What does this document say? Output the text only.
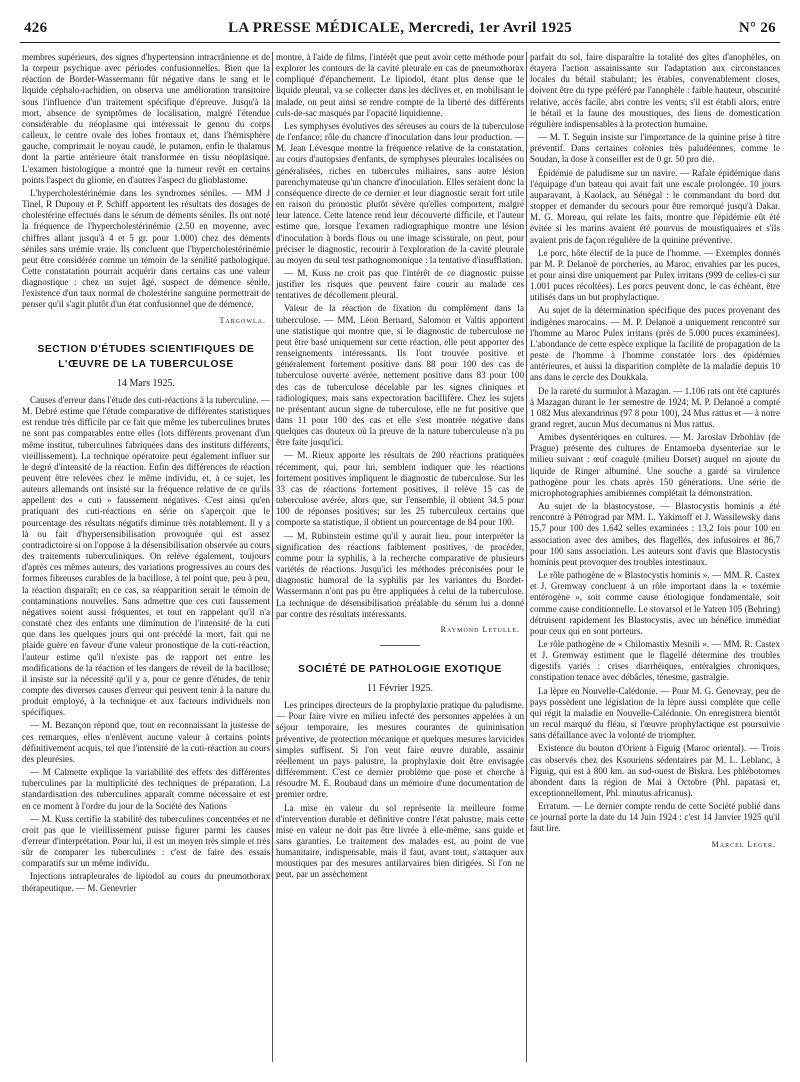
426	LA PRESSE MÉDICALE, Mercredi, 1er Avril 1925	N° 26

membres supérieurs, des signes d'hypertension intracrânienne et de la torpeur psychique avec périodes confusionnelles. Bien que la réaction de Bordet-Wassermann fût négative dans le sang et le liquide céphalo-rachidien, on observa une amélioration transitoire sous l'influence d'un traitement spécifique d'épreuve. Jusqu'à la mort, absence de symptômes de localisation, malgré l'étendue considérable du néoplasme qui intéressait le genou du corps calleux, le centre ovale des lobes frontaux et, dans l'hémisphère gauche, comprimait le noyau caudé, le putamen, enfin le thalamus dont la partie antérieure était transformée en tissu néoplasique. L'examen histologique a montré que la tumeur revêt en certains points l'aspect du gliome, en d'autres l'aspect du glioblastome.

L'hypercholestérinémie dans les syndromes séniles. — MM J Tinel, R Dupouy et P. Schiff apportent les résultats des dosages de cholestérine effectués dans le sérum de déments séniles. Ils ont noté la fréquence de l'hypercholestérinémie (2.50 en moyenne, avec chiffres allant jusqu'à 4 et 5 gr. pour 1.000) chez des déments séniles sans urémie vraie. Ils concluent que l'hypercholestérinémie peut être considérée comme un témoin de la sénilité pathologique. Cette constatation pourrait acquérir dans certains cas une valeur diagnostique : chez un sujet âgé, suspect de démence sénile, l'existence d'un taux normal de cholestérine sanguine permettrait de penser qu'il s'agit plutôt d'un état confusionnel que de démence.

Targowla.
SECTION D'ÉTUDES SCIENTIFIQUES DE L'ŒUVRE DE LA TUBERCULOSE
14 Mars 1925.

Causes d'erreur dans l'étude des cuti-réactions à la tuberculine. — M. Debré estime que l'étude comparative de différentes statistiques est rendue très difficile par ce fait que même les tuberculines brutes ne sont pas comparables entre elles (lots différents provenant d'un même institut, tuberculines fabriquées dans des instituts différents, vieillissement). La technique opératoire peut également influer sur le degré d'intensité de la réaction. Enfin des différences de réaction peuvent être relevées chez le même individu, et, à ce sujet, les auteurs allemands ont insisté sur la fréquence relative de ce qu'ils appellent des « cuti » faussement négatives. C'est ainsi qu'en pratiquant des cuti-réactions en série on s'aperçoit que le pourcentage des résultats négatifs diminue très notablement. Il y a là ou fait d'hypersensibilisation provoquée qui est assez contradictoire si on l'oppose à la désensibilisation observée au cours des traitements tuberculiniques. On relève également, toujours d'après ces mêmes auteurs, des variations progressives au cours des formes fibreuses curables de la bacillose, à tel point que, peu à peu, la réaction disparaît; en ce cas, sa réapparition serait le témoin de contaminations nouvelles. Sans admettre que ces cuti faussement négatives soient aussi fréquentes, et tout en rappelant qu'il n'a constaté chez des enfants une diminution de l'intensité de la cuti que dans les quelques jours qui ont précédé la mort, fait qui ne plaide guère en faveur d'une valeur pronostique de la cuti-réaction, l'auteur estime qu'il n'existe pas de rapport net entre les modifications de la réaction et les dangers de réveil de la bacillose; il insiste sur la nécessité qu'il y a, pour ce genre d'études, de tenir compte des diverses causes d'erreur qui peuvent tenir à la nature du produit employé, à la technique et aux facteurs individuels non spécifiques.

— M. Bezançon répond que, tout en reconnaissant la justesse de ces remarques, elles n'enlèvent aucune valeur à certains points définitivement acquis, tel que l'intensité de la cuti-réaction au cours des pleurésies.

— M Calmette explique la variabilité des effets des différentes tuberculines par la multiplicité des techniques de préparation. La standardisation des tuberculines apparaît comme nécessaire et est en ce moment à l'ordre du jour de la Société des Nations

— M. Kuss certifie la stabilité des tuberculines concentrées et ne croit pas que le vieillissement puisse figurer parmi les causes d'erreur d'interprétation. Pour lui, il est un moyen très simple et très sûr de comparer les tuberculines : c'est de faire des essais comparatifs sur un même individu.

Injections intrapleurales de lipiodol au cours du pneumothorax thérapeutique. — M. Genevrier

montre, à l'aide de films, l'intérêt que peut avoir cette méthode pour explorer les contours de la cavité pleurale en cas de pneumothorax compliqué d'épanchement. Le lipiodol, étant plus dense que le liquide pleural, va se collecter dans les déclives et, en mobilisant le malade, on peut ainsi se rendre compte de la liberté des différents culs-de-sac masqués par l'opacité liquidienne.

Les symphyses évolutives des séreuses au cours de la tuberculose de l'enfance; rôle du chancre d'inoculation dans leur production. — M. Jean Lévesque montre la fréquence relative de la constatation, au cours d'autopsies d'enfants, de symphyses pleurales localisées ou généralisées, riches en tubercules miliaires, sans autre lésion parenchymateuse qu'un chancre d'inoculation. Elles seraient donc la conséquence directe de ce dernier et leur diagnostic serait fort utile en raison du pronostic plutôt sévère qu'elles comportent, malgré leur latence. Cette latence rend leur découverte difficile, et l'auteur estime que, lorsque l'examen radiographique montre une lésion d'inoculation à bords flous ou une image scissurale, on peut, pour préciser le diagnostic, recourir à l'exploration de la cavité pleurale au moyen du seul test pathognomonique : la tentative d'insufflation.

— M. Kuss ne croit pas que l'intérêt de ce diagnostic puisse justifier les risques que peuvent faire courir au malade ces tentatives de décollement pleural.

Valeur de la réaction de fixation du complément dans la tuberculose. — MM. Léon Bernard, Salomon et Valtis apportent une statistique qui montre que, si le diagnostic de tuberculose ne peut être basé uniquement sur cette réaction, elle peut apporter des renseignements intéressants. Ils l'ont trouvée positive et généralement fortement positive dans 88 pour 100 des cas de tuberculose ouverte avérée, nettement positive dans 83 pour 100 des cas de tuberculose décelable par les signes cliniques et radiologiques, mais sans expectoration bacillifère. Chez les sujets ne présentant aucun signe de tuberculose, elle ne fut positive que dans 11 pour 100 des cas et elle s'est montrée négative dans quelques cas douteux où la preuve de la nature tuberculeuse n'a pu être faite jusqu'ici.

— M. Rieux apporte les résultats de 200 réactions pratiquées récemment, qui, pour lui, semblent indiquer que les réactions fortement positives impliquent le diagnostic de tuberculose. Sur les 33 cas de réactions fortement positives, il relève 15 cas de tuberculose avérée, alors que, sur l'ensemble, il obtient 34.5 pour 100 de réponses positives; sur les 25 tuberculeux certains que comporte sa statistique, il obtient un pourcentage de 84 pour 100.

— M. Rubinstein estime qu'il y aurait lieu, pour interpréter la signification des réactions faiblement positives, de procéder, comme pour la syphilis, à la recherche comparative de plusieurs variétés de réactions. Jusqu'ici les méthodes préconisées pour le diagnostic humoral de la syphilis par les variantes du Bordet-Wassermann n'ont pas pu être appliquées à celui de la tuberculose. La technique de désensibilisation préalable du sérum lui a donné par contre des résultats intéressants.

Raymond Letulle.
SOCIÉTÉ DE PATHOLOGIE EXOTIQUE
11 Février 1925.

Les principes directeurs de la prophylaxie pratique du paludisme. — Pour faire vivre en milieu infecté des personnes appelées à un séjour temporaire, les mesures courantes de quininisation préventive, de protection mécanique et quelques mesures larvicides simples suffisent. Si l'on veut faire œuvre durable, assainir réellement un pays palustre, la prophylaxie doit être envisagée différemment. C'est ce dernier problème que pose et cherche à résoudre M. E. Roubaud dans un mémoire d'une documentation de premier ordre.

La mise en valeur du sol représente la meilleure forme d'intervention durable et définitive contre l'état palustre, mais cette mise en valeur ne doit pas être livrée à elle-même, sans guide et sans garanties. Le traitement des malades est, au point de vue humanitaire, indispensable, mais il faut, avant tout, s'attaquer aux moustiques par des mesures antilarvaires bien dirigées. Si l'on ne peut, par un assèchement

parfait du sol, faire disparaître la totalité des gîtes d'anophèles, on étayera l'action assainissante sur l'adaptation aux circonstances locales du bétail stabulant; les étables, convenablement closes, doivent être du type préféré par l'anophèle : faible hauteur, obscurité relative, accès facile, abri contre les vents; s'il est établi alors, entre le bétail et la faune des moustiques, des liens de domestication régulière indispensables à la protection humaine.

— M. T. Seguin insiste sur l'importance de la quinine prise à titre préventif. Dans certaines colonies très paludéennes, comme le Soudan, la dose à conseiller est de 0 gr. 50 pro die.

Épidémie de paludisme sur un navire. — Rafale épidémique dans l'équipage d'un bateau qui avait fait une escale prolongée. 10 jours auparavant, à Kaolack, au Sénégal : le commandant du bord dut stopper et demander du secours pour être remorqué jusqu'à Dakar. M. G. Moreau, qui relate les faits, montre que l'épidémie eût été évitée si les marins avaient été pourvus de moustiquaires et s'ils avaient pris de façon régulière de la quinine préventive.

Le porc, hôte électif de la puce de l'homme. — Exemples donnés par M. P. Delanoë de porcheries, au Maroc, envahies par les puces, et pour ainsi dire uniquement par Pulex irritans (999 de celles-ci sur 1.001 puces récoltées). Les porcs peuvent donc, le cas échéant, être utilisés dans un but prophylactique.

Au sujet de la détermination spécifique des puces provenant des indigènes marocains. — M. P. Delanoë a uniquement rencontré sur l'homme au Maroc Pulex irritans (près de 5.000 puces examinées). L'abondance de cette espèce explique la facilité de propagation de la peste de l'homme à l'homme constatée lors des épidémies antérieures, et aussi la disparition complète de la maladie depuis 10 ans dans le cercle des Doukkala.

De la rareté du surmulot à Mazagan. — 1.106 rats ont été capturés à Mazagan durant le 1er semestre de 1924; M. P. Delanoë a compté 1 082 Mus alexandrinus (97 8 pour 100), 24 Mus rattus et — à notre grand regret, aucun Mus decumanus ni Mus rattus.

Amibes dysentériques en cultures. — M. Jaroslav Drbohlav (de Prague) présente des cultures de Entamoeba dysenteriae sur le milieu suivant : œuf coagulé (milieu Dorset) auquel on ajoute du liquide de Ringer albuminé. Une souche a gardé sa virulence pathogène pour les chats après 150 générations. Une série de microphotographies amibiennes complétait la démonstration.

Au sujet de la blastocystose. — Blastocystis hominis a été rencontré à Pétrograd par MM. L. Yakimoff et J. Wassilewsky dans 15,7 pour 100 des 1.642 selles examinées : 13,2 fois pour 100 en association avec des amibes, des flagellés, des infusoires et 86,7 pour 100 sans association. Les auteurs sont d'avis que Blastocystis hominis peut provoquer des troubles intestinaux.

Le rôle pathogène de « Blastocystis hominis ». — MM. R. Castex et J. Gremway concluent à un rôle important dans la « toxémie entérogène », soit comme cause étiologique fondamentale, soit comme cause conditionnelle. Le stovarsol et le Yatren 105 (Behring) détruisent rapidement les Blastocystis, avec un bénéfice immédiat pour ceux qui en sont porteurs.

Le rôle pathogène de « Chilomastix Mesnili ». — MM. R. Castex et J. Gremway estiment que le flagellé détermine des troubles digestifs variés : crises diarrhéiques, entéralgies chroniques, constipation tenace avec débâcles, ténesme, gastralgie.

La lèpre en Nouvelle-Calédonie. — Pour M. G. Genevray, peu de pays possèdent une législation de la lèpre aussi complète que celle qui régit la maladie en Nouvelle-Calédonie. On enregistrera bientôt un recul marqué du fléau, si l'œuvre prophylactique est poursuivie sans défaillance avec la volonté de triompher.

Existence du bouton d'Orient à Figuig (Maroc oriental). — Trois cas observés chez des Ksouriens sédentaires par M. L. Leblanc, à Figuig, qui est à 800 km. au sud-ouest de Biskra. Les phlébotomes abondent dans la région de Mai à Octobre (Phl. papatasi et, exceptionnellement, Phl. minutus africanus).

Erratum. — Le dernier compte rendu de cette Société publié dans ce journal porte la date du 14 Juin 1924 : c'est 14 Janvier 1925 qu'il faut lire.

Marcel Leger.
